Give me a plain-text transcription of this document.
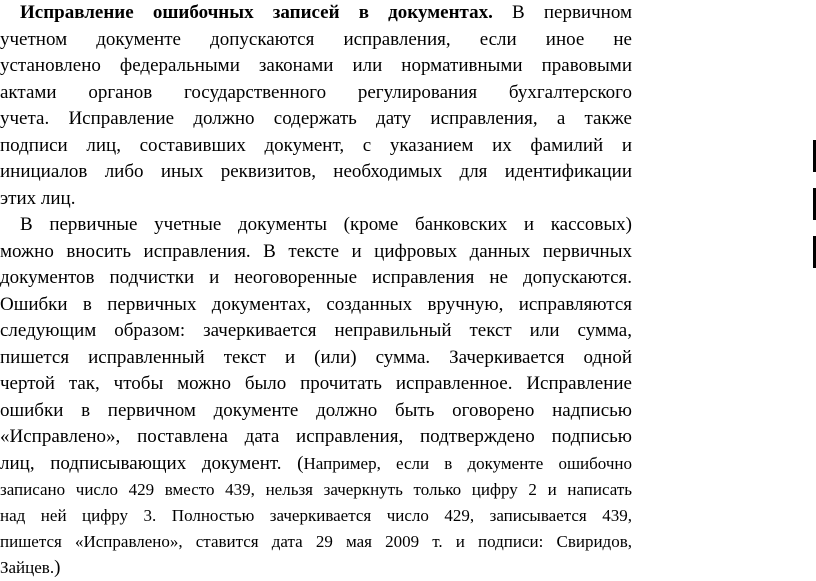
Исправление ошибочных записей в документах. В первичном
учетном документе допускаются исправления, если иное не
установлено федеральными законами или нормативными правовыми
актами органов государственного регулирования бухгалтерского
учета. Исправление должно содержать дату исправления, а также
подписи лиц, составивших документ, с указанием их фамилий и
инициалов либо иных реквизитов, необходимых для идентификации
этих лиц.
В первичные учетные документы (кроме банковских и кассовых)
можно вносить исправления. В тексте и цифровых данных первичных
документов подчистки и неоговоренные исправления не допускаются.
Ошибки в первичных документах, созданных вручную, исправляются
следующим образом: зачеркивается неправильный текст или сумма,
пишется исправленный текст и (или) сумма. Зачеркивается одной
чертой так, чтобы можно было прочитать исправленное. Исправление
ошибки в первичном документе должно быть оговорено надписью
«Исправлено», поставлена дата исправления, подтверждено подписью
лиц, подписывающих документ. (Например, если в документе ошибочно
записано число 429 вместо 439, нельзя зачеркнуть только цифру 2 и написать
над ней цифру 3. Полностью зачеркивается число 429, записывается 439,
пишется «Исправлено», ставится дата 29 мая 2009 т. и подписи: Свиридов,
Зайцев.)
